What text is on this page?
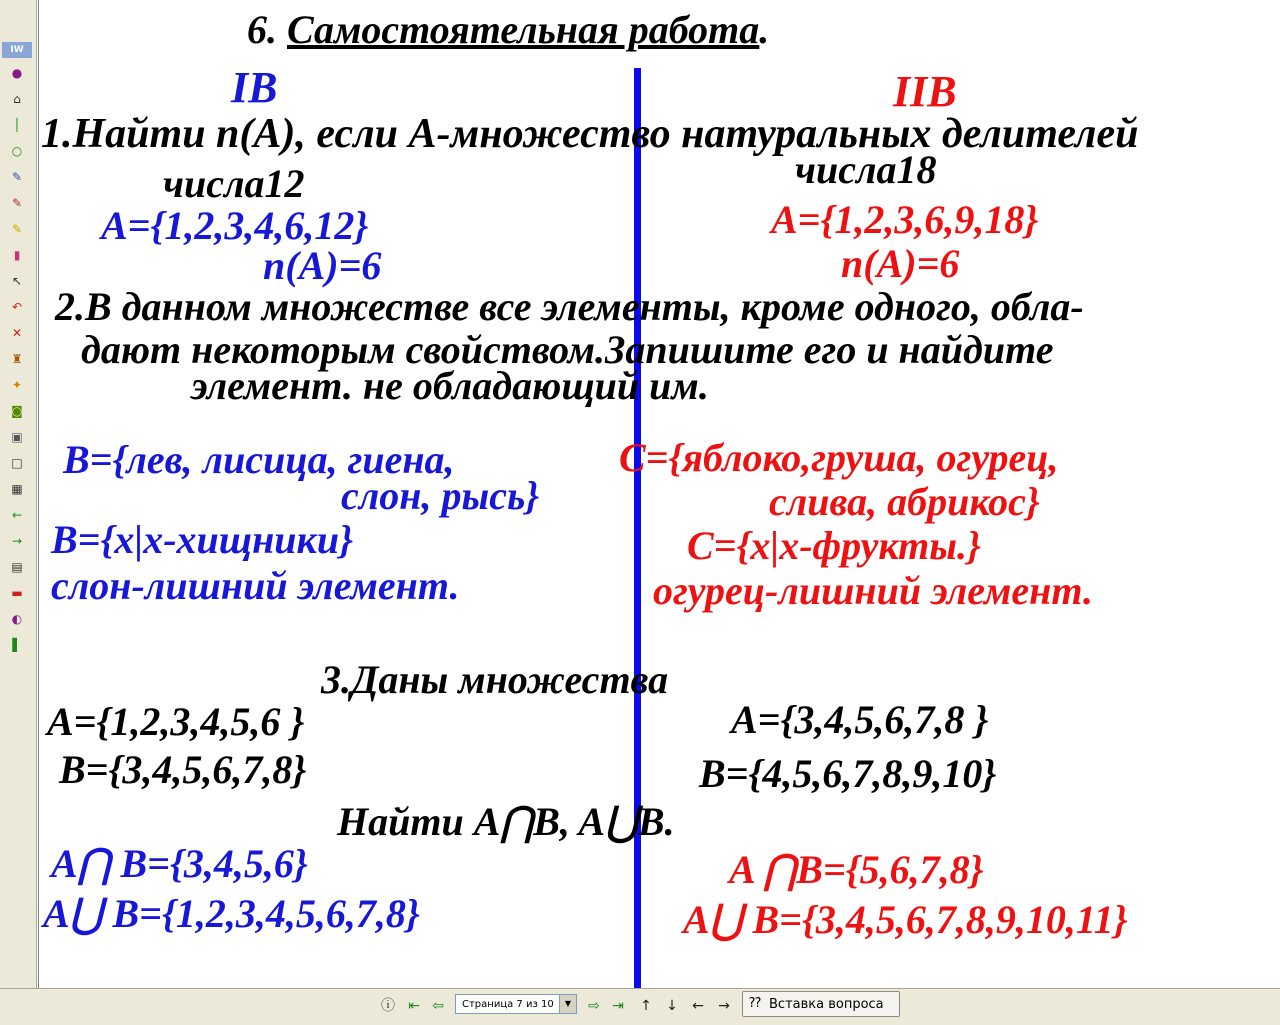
IW
●
⌂
│
○
✎
✎
✎
▮
↖
↶
✕
♜
✦
◙
▣
□
▦
←
→
▤
▬
◐
▌
6. Самостоятельная работа.
IB	IIB
1.Найти n(A), если A-множество натуральных делителей
числа12	числа18
A={1,2,3,4,6,12}
n(A)=6
A={1,2,3,6,9,18}
n(A)=6
2.В данном множестве все элементы, кроме одного, обла-
дают некоторым свойством.Запишите его и найдите
элемент. не обладающий им.
B={лев, лисица, гиена,
слон, рысь}
B={x|x-хищники}
слон-лишний элемент.
C={яблоко,груша, огурец,
слива, абрикос}
C={x|x-фрукты.}
огурец-лишний элемент.
3.Даны множества
A={1,2,3,4,5,6 }
B={3,4,5,6,7,8}
A={3,4,5,6,7,8 }
B={4,5,6,7,8,9,10}
Найти A⋂B, A⋃B.
A⋂ B={3,4,5,6}
A⋃ B={1,2,3,4,5,6,7,8}
A ⋂B={5,6,7,8}
A⋃ B={3,4,5,6,7,8,9,10,11}
ⓘ ⇤ ⇦	Страница 7 из 10	▼	⇨ ⇥ ↑ ↓ ← →	⁇ Вставка вопроса
